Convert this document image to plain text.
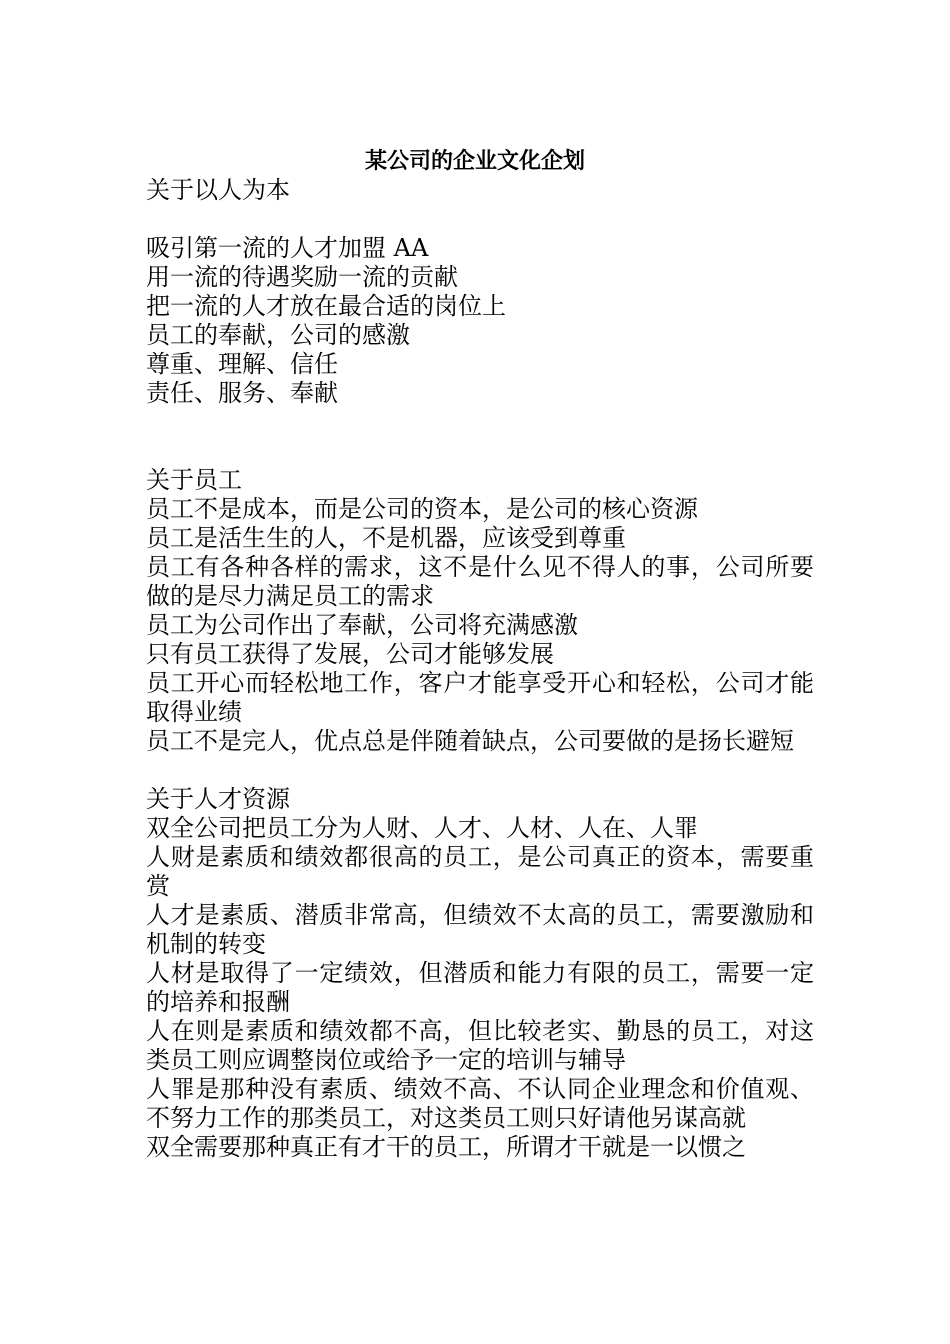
某公司的企业文化企划

关于以人为本

吸引第一流的人才加盟 AA

用一流的待遇奖励一流的贡献

把一流的人才放在最合适的岗位上

员工的奉献，公司的感激

尊重、理解、信任

责任、服务、奉献

关于员工

员工不是成本，而是公司的资本，是公司的核心资源

员工是活生生的人，不是机器，应该受到尊重

员工有各种各样的需求，这不是什么见不得人的事，公司所要做的是尽力满足员工的需求

员工为公司作出了奉献，公司将充满感激

只有员工获得了发展，公司才能够发展

员工开心而轻松地工作，客户才能享受开心和轻松，公司才能取得业绩

员工不是完人，优点总是伴随着缺点，公司要做的是扬长避短

关于人才资源

双全公司把员工分为人财、人才、人材、人在、人罪

人财是素质和绩效都很高的员工，是公司真正的资本，需要重赏

人才是素质、潜质非常高，但绩效不太高的员工，需要激励和机制的转变

人材是取得了一定绩效，但潜质和能力有限的员工，需要一定的培养和报酬

人在则是素质和绩效都不高，但比较老实、勤恳的员工，对这类员工则应调整岗位或给予一定的培训与辅导

人罪是那种没有素质、绩效不高、不认同企业理念和价值观、不努力工作的那类员工，对这类员工则只好请他另谋高就

双全需要那种真正有才干的员工，所谓才干就是一以惯之
